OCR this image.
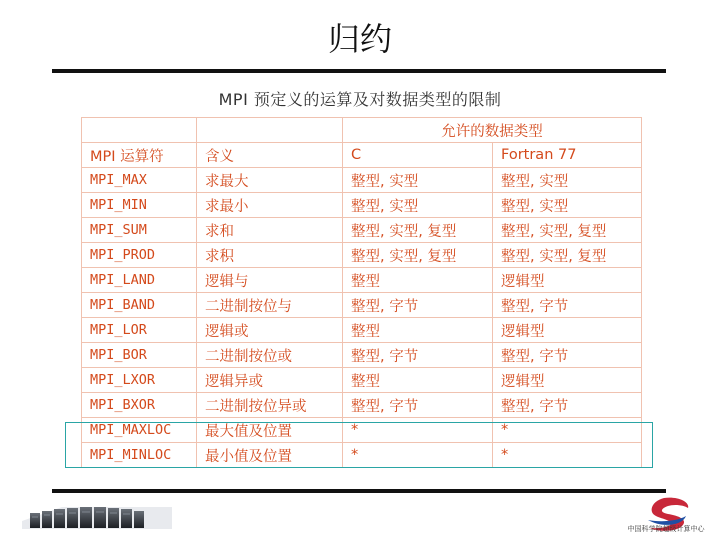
归约
MPI 预定义的运算及对数据类型的限制
		允许的数据类型	
MPI 运算符	含义	C	Fortran 77
MPI_MAX	求最大	整型, 实型	整型, 实型
MPI_MIN	求最小	整型, 实型	整型, 实型
MPI_SUM	求和	整型, 实型, 复型	整型, 实型, 复型
MPI_PROD	求积	整型, 实型, 复型	整型, 实型, 复型
MPI_LAND	逻辑与	整型	逻辑型
MPI_BAND	二进制按位与	整型, 字节	整型, 字节
MPI_LOR	逻辑或	整型	逻辑型
MPI_BOR	二进制按位或	整型, 字节	整型, 字节
MPI_LXOR	逻辑异或	整型	逻辑型
MPI_BXOR	二进制按位异或	整型, 字节	整型, 字节
MPI_MAXLOC	最大值及位置	*	*
MPI_MINLOC	最小值及位置	*	*
中国科学院超级计算中心
